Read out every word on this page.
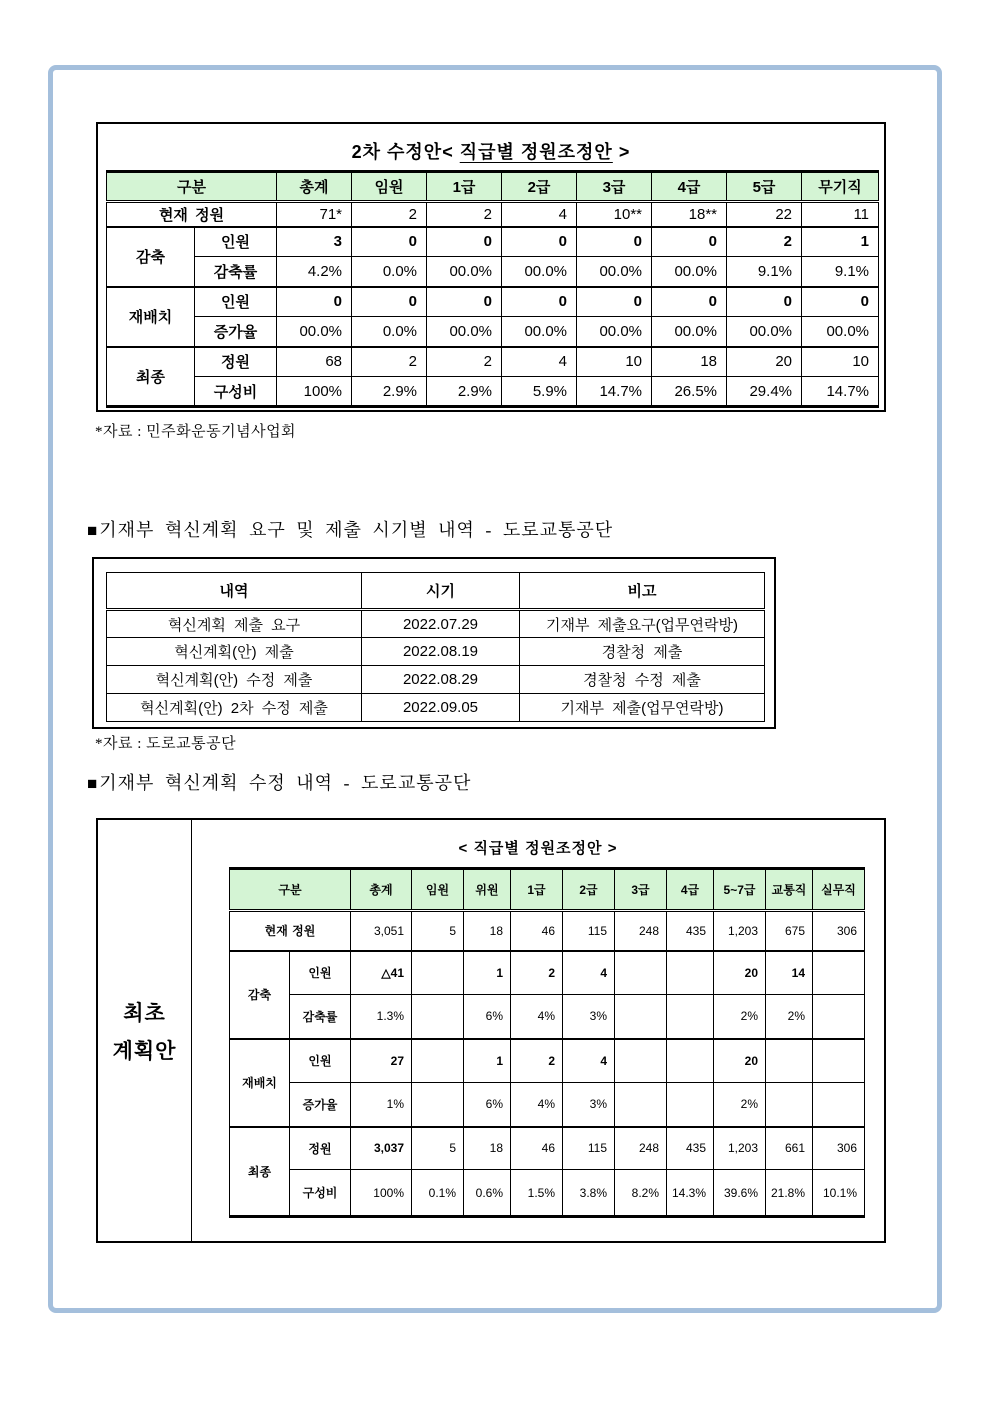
2차 수정안< 직급별 정원조정안 >
구분		총계	임원	1급	2급	3급	4급	5급	무기직
현재 정원		71*	2	2	4	10**	18**	22	11
감축	인원	3	0	0	0	0	0	2	1
	감축률	4.2%	0.0%	00.0%	00.0%	00.0%	00.0%	9.1%	9.1%
재배치	인원	0	0	0	0	0	0	0	0
	증가율	00.0%	0.0%	00.0%	00.0%	00.0%	00.0%	00.0%	00.0%
최종	정원	68	2	2	4	10	18	20	10
	구성비	100%	2.9%	2.9%	5.9%	14.7%	26.5%	29.4%	14.7%
*자료 : 민주화운동기념사업회
■기재부 혁신계획 요구 및 제출 시기별 내역 - 도로교통공단
내역	시기	비고
혁신계획 제출 요구	2022.07.29	기재부 제출요구(업무연락방)
혁신계획(안) 제출	2022.08.19	경찰청 제출
혁신계획(안) 수정 제출	2022.08.29	경찰청 수정 제출
혁신계획(안) 2차 수정 제출	2022.09.05	기재부 제출(업무연락방)
*자료 : 도로교통공단
■기재부 혁신계획 수정 내역 - 도로교통공단
최초
계획안
< 직급별 정원조정안 >
구분		총계	임원	위원	1급	2급	3급	4급	5~7급	교통직	실무직
현재 정원		3,051	5	18	46	115	248	435	1,203	675	306
감축	인원	△41		1	2	4			20	14	
	감축률	1.3%		6%	4%	3%			2%	2%	
재배치	인원	27		1	2	4			20		
	증가율	1%		6%	4%	3%			2%		
최종	정원	3,037	5	18	46	115	248	435	1,203	661	306
	구성비	100%	0.1%	0.6%	1.5%	3.8%	8.2%	14.3%	39.6%	21.8%	10.1%
